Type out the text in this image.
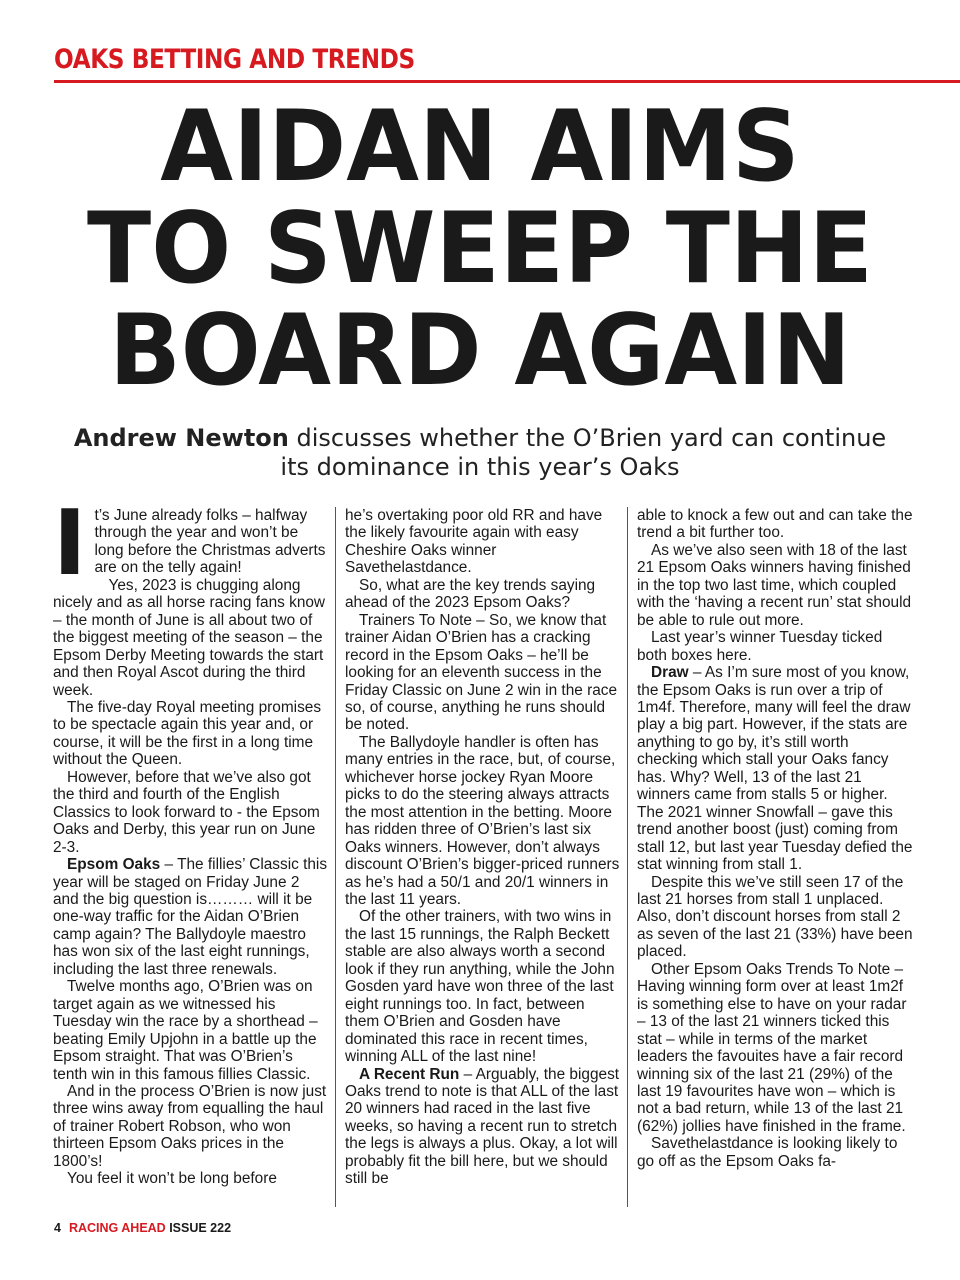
OAKS BETTING AND TRENDS
AIDAN AIMS
TO SWEEP THE
BOARD AGAIN
Andrew Newton discusses whether the O’Brien yard can continue its dominance in this year’s Oaks

It’s June already folks – halfway through the year and won’t be long before the Christmas adverts are on the telly again!

Yes, 2023 is chugging along nicely and as all horse racing fans know – the month of June is all about two of the biggest meeting of the season – the Epsom Derby Meeting towards the start and then Royal Ascot during the third week.

The five-day Royal meeting promises to be spectacle again this year and, or course, it will be the first in a long time without the Queen.

However, before that we’ve also got the third and fourth of the English Classics to look forward to - the Epsom Oaks and Derby, this year run on June 2-3.

Epsom Oaks – The fillies’ Classic this year will be staged on Friday June 2 and the big question is……… will it be one-way traffic for the Aidan O’Brien camp again? The Ballydoyle maestro has won six of the last eight runnings, including the last three renewals.

Twelve months ago, O’Brien was on target again as we witnessed his Tuesday win the race by a shorthead – beating Emily Upjohn in a battle up the Epsom straight. That was O’Brien’s tenth win in this famous fillies Classic.

And in the process O’Brien is now just three wins away from equalling the haul of trainer Robert Robson, who won thirteen Epsom Oaks prices in the 1800’s!

You feel it won’t be long before

he’s overtaking poor old RR and have the likely favourite again with easy Cheshire Oaks winner Savethelastdance.

So, what are the key trends saying ahead of the 2023 Epsom Oaks?

Trainers To Note – So, we know that trainer Aidan O’Brien has a cracking record in the Epsom Oaks – he’ll be looking for an eleventh success in the Friday Classic on June 2 win in the race so, of course, anything he runs should be noted.

The Ballydoyle handler is often has many entries in the race, but, of course, whichever horse jockey Ryan Moore picks to do the steering always attracts the most attention in the betting. Moore has ridden three of O’Brien’s last six Oaks winners. However, don’t always discount O’Brien’s bigger-priced runners as he’s had a 50/1 and 20/1 winners in the last 11 years.

Of the other trainers, with two wins in the last 15 runnings, the Ralph Beckett stable are also always worth a second look if they run anything, while the John Gosden yard have won three of the last eight runnings too. In fact, between them O’Brien and Gosden have dominated this race in recent times, winning ALL of the last nine!

A Recent Run – Arguably, the biggest Oaks trend to note is that ALL of the last 20 winners had raced in the last five weeks, so having a recent run to stretch the legs is always a plus. Okay, a lot will probably fit the bill here, but we should still be

able to knock a few out and can take the trend a bit further too.

As we’ve also seen with 18 of the last 21 Epsom Oaks winners having finished in the top two last time, which coupled with the ‘having a recent run’ stat should be able to rule out more.

Last year’s winner Tuesday ticked both boxes here.

Draw – As I’m sure most of you know, the Epsom Oaks is run over a trip of 1m4f. Therefore, many will feel the draw play a big part. However, if the stats are anything to go by, it’s still worth checking which stall your Oaks fancy has. Why? Well, 13 of the last 21 winners came from stalls 5 or higher. The 2021 winner Snowfall – gave this trend another boost (just) coming from stall 12, but last year Tuesday defied the stat winning from stall 1.

Despite this we’ve still seen 17 of the last 21 horses from stall 1 unplaced. Also, don’t discount horses from stall 2 as seven of the last 21 (33%) have been placed.

Other Epsom Oaks Trends To Note – Having winning form over at least 1m2f is something else to have on your radar – 13 of the last 21 winners ticked this stat – while in terms of the market leaders the favouites have a fair record winning six of the last 21 (29%) of the last 19 favourites have won – which is not a bad return, while 13 of the last 21 (62%) jollies have finished in the frame.

Savethelastdance is looking likely to go off as the Epsom Oaks fa-

4 RACING AHEAD ISSUE 222
